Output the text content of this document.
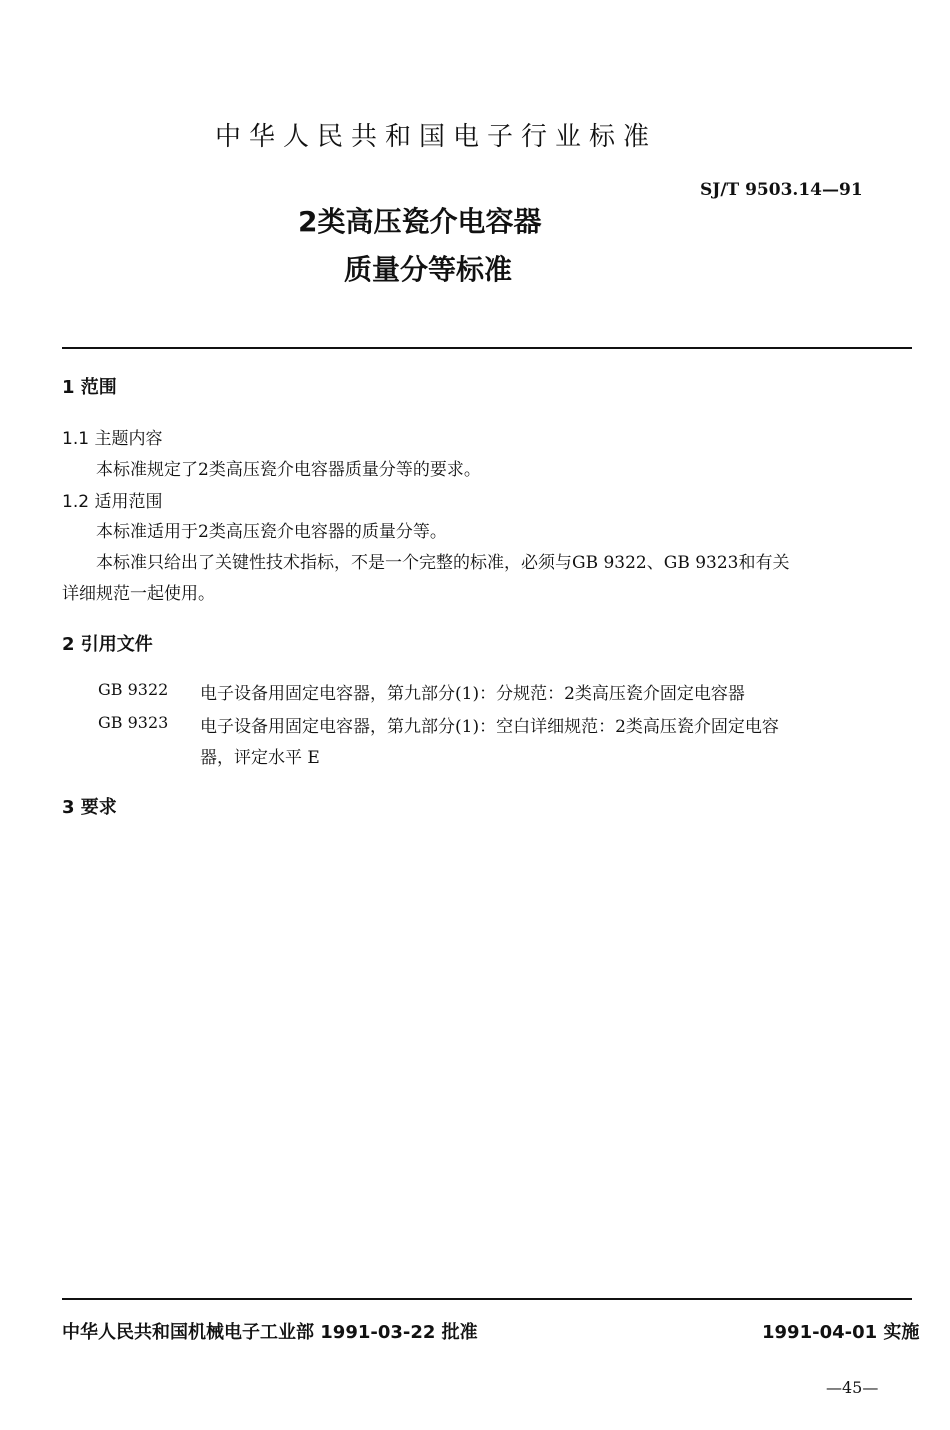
中华人民共和国电子行业标准
SJ/T 9503.14—91
2类高压瓷介电容器
质量分等标准
1 范围
1.1 主题内容
本标准规定了2类高压瓷介电容器质量分等的要求。
1.2 适用范围
本标准适用于2类高压瓷介电容器的质量分等。
本标准只给出了关键性技术指标，不是一个完整的标准，必须与GB 9322、GB 9323和有关
详细规范一起使用。
2 引用文件
GB 9322 电子设备用固定电容器，第九部分(1)：分规范：2类高压瓷介固定电容器
GB 9323 电子设备用固定电容器，第九部分(1)：空白详细规范：2类高压瓷介固定电容
器，评定水平 E
3 要求
中华人民共和国机械电子工业部 1991-03-22 批准	1991-04-01 实施
—45—
